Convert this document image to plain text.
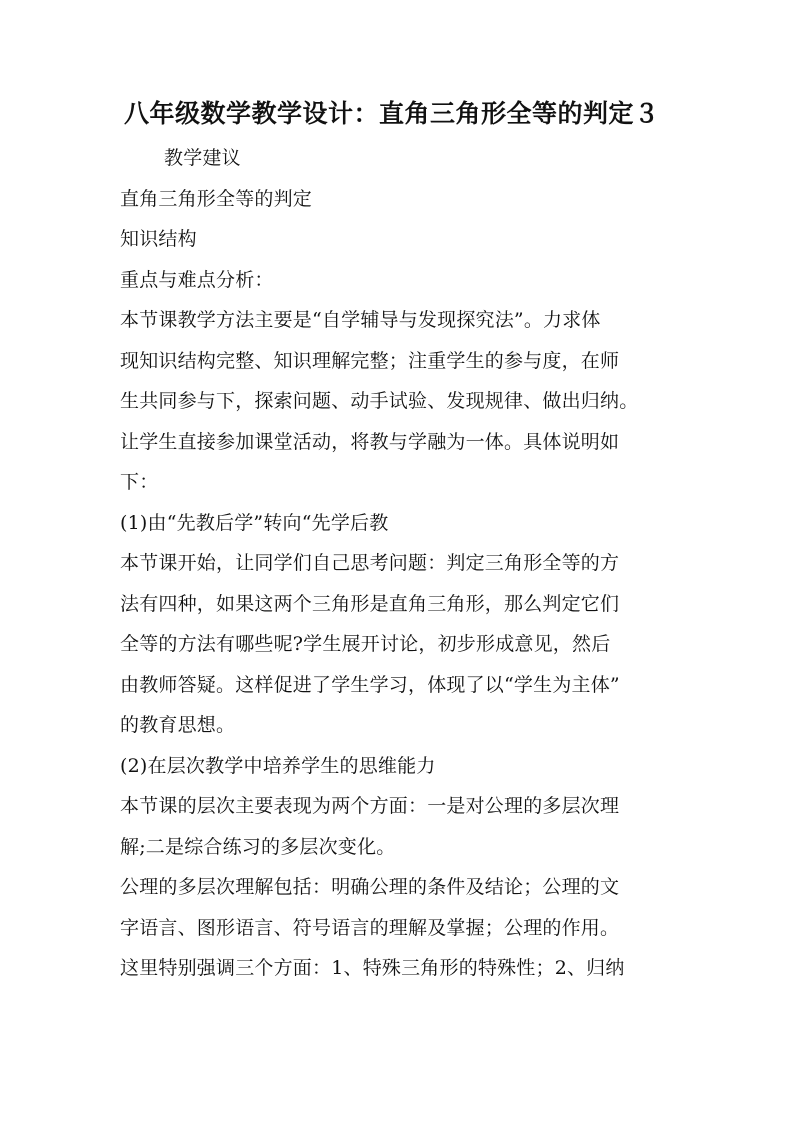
八年级数学教学设计：直角三角形全等的判定３
教学建议
直角三角形全等的判定
知识结构
重点与难点分析：
本节课教学方法主要是“自学辅导与发现探究法”。力求体
现知识结构完整、知识理解完整；注重学生的参与度，在师
生共同参与下，探索问题、动手试验、发现规律、做出归纳。
让学生直接参加课堂活动，将教与学融为一体。具体说明如
下：
(1)由“先教后学”转向“先学后教
本节课开始，让同学们自己思考问题：判定三角形全等的方
法有四种，如果这两个三角形是直角三角形，那么判定它们
全等的方法有哪些呢?学生展开讨论，初步形成意见，然后
由教师答疑。这样促进了学生学习，体现了以“学生为主体”
的教育思想。
(2)在层次教学中培养学生的思维能力
本节课的层次主要表现为两个方面：一是对公理的多层次理
解;二是综合练习的多层次变化。
公理的多层次理解包括：明确公理的条件及结论；公理的文
字语言、图形语言、符号语言的理解及掌握；公理的作用。
这里特别强调三个方面：1、特殊三角形的特殊性；2、归纳
